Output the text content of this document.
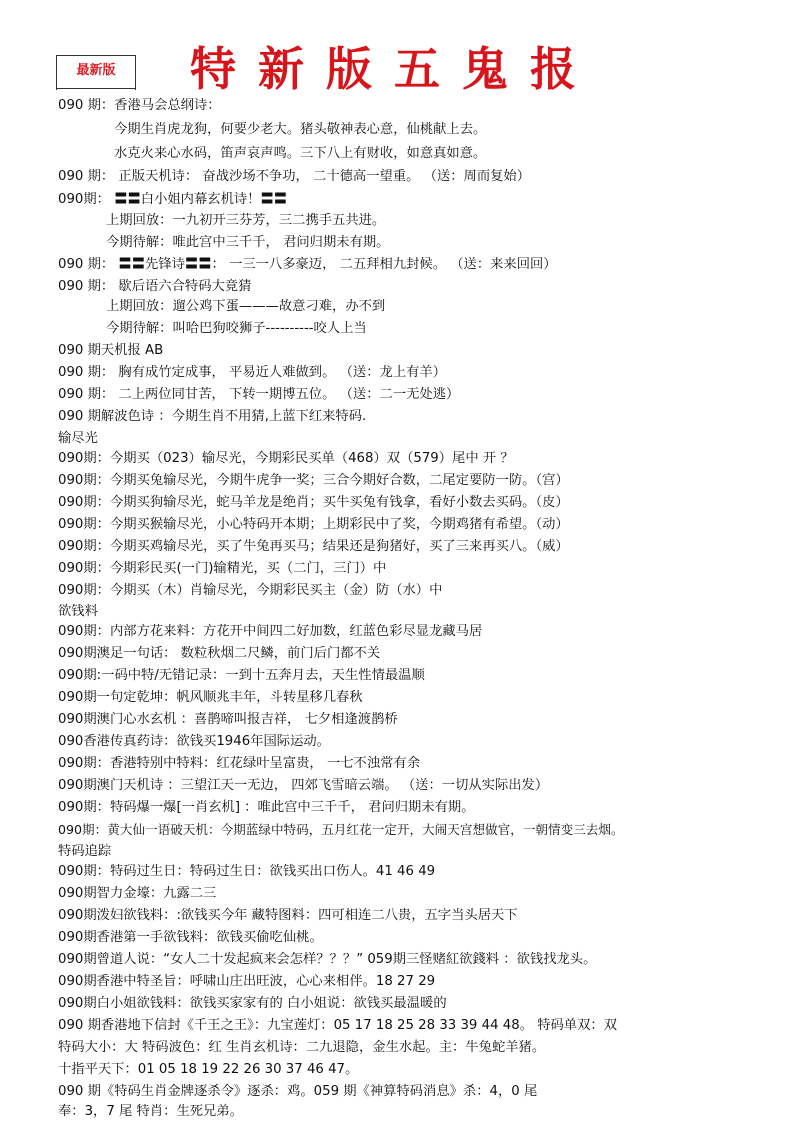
最新版	特新版五鬼报
090 期：香港马会总纲诗：
今期生肖虎龙狗，何要少老大。猪头敬神表心意，仙桃献上去。
水克火来心水码，笛声哀声鸣。三下八上有财收，如意真如意。
090 期： 正版天机诗： 奋战沙场不争功， 二十德高一望重。 （送：周而复始）
090期： 〓〓白小姐内幕玄机诗！〓〓
上期回放：一九初开三芬芳，三二携手五共进。
今期待解：唯此宫中三千千， 君问归期未有期。
090 期： 〓〓先锋诗〓〓： 一三一八多豪迈， 二五拜相九封候。 （送：来来回回）
090 期： 歇后语六合特码大竟猜
上期回放：遛公鸡下蛋———故意刁难，办不到
今期待解：叫哈巴狗咬狮子----------咬人上当
090 期天机报 AB
090 期： 胸有成竹定成事， 平易近人难做到。 （送：龙上有羊）
090 期： 二上两位同甘苦， 下转一期博五位。 （送：二一无处逃）
090 期解波色诗 ：今期生肖不用猜,上蓝下红来特码.
输尽光
090期：今期买（023）输尽光，今期彩民买单（468）双（579）尾中 开 ？
090期：今期买兔输尽光，今期牛虎争一奖；三合今期好合数，二尾定要防一防。（宫）
090期：今期买狗输尽光，蛇马羊龙是绝肖；买牛买兔有钱拿，看好小数去买码。（皮）
090期：今期买猴输尽光，小心特码开本期；上期彩民中了奖，今期鸡猪有希望。（动）
090期：今期买鸡输尽光，买了牛兔再买马；结果还是狗猪好，买了三来再买八。（威）
090期：今期彩民买(一门)输精光，买（二门，三门）中
090期：今期买（木）肖输尽光，今期彩民买主（金）防（水）中
欲钱料
090期：内部方花来料：方花开中间四二好加数，红蓝色彩尽显龙藏马居
090期澳足一句话： 数粒秋烟二尺鳞，前门后门都不关
090期:一码中特/无错记录：一到十五奔月去，天生性情最温顺
090期一句定乾坤：帆风顺兆丰年，斗转星移几春秋
090期澳门心水玄机 ：喜鹊啼叫报吉祥， 七夕相逢渡鹊桥
090香港传真药诗：欲钱买1946年国际运动。
090期：香港特别中特料：红花绿叶呈富贵， 一七不浊常有余
090期澳门天机诗 ：三望江天一无边， 四郊飞雪暗云端。 （送：一切从实际出发）
090期：特码爆一爆[一肖玄机] ：唯此宫中三千千， 君问归期未有期。
090期：黄大仙一语破天机：今期蓝绿中特码，五月红花一定开，大闹天宫想做官，一朝情变三去烟。
特码追踪
090期：特码过生日：特码过生日：欲钱买出口伤人。41 46 49
090期智力金壕：九露二三
090期泼妇欲钱料：:欲钱买今年 藏特图料：四可相连二八贵，五字当头居天下
090期香港第一手欲钱料：欲钱买偷吃仙桃。
090期曾道人说：“女人二十发起疯来会怎样？？？” 059期三怪赌紅欲錢料 ：欲钱找龙头。
090期香港中特圣旨：呼啸山庄出旺波，心心来相伴。18 27 29
090期白小姐欲钱料：欲钱买家家有的 白小姐说：欲钱买最温暖的
090 期香港地下信封《千王之王》：九宝莲灯：05 17 18 25 28 33 39 44 48。 特码单双：双
特码大小：大 特码波色：红 生肖玄机诗：二九退隐，金生水起。主：牛兔蛇羊猪。
十指平天下：01 05 18 19 22 26 30 37 46 47。
090 期《特码生肖金牌逐杀令》逐杀：鸡。059 期《神算特码消息》杀：4，0 尾
奉：3，7 尾 特肖：生死兄弟。
